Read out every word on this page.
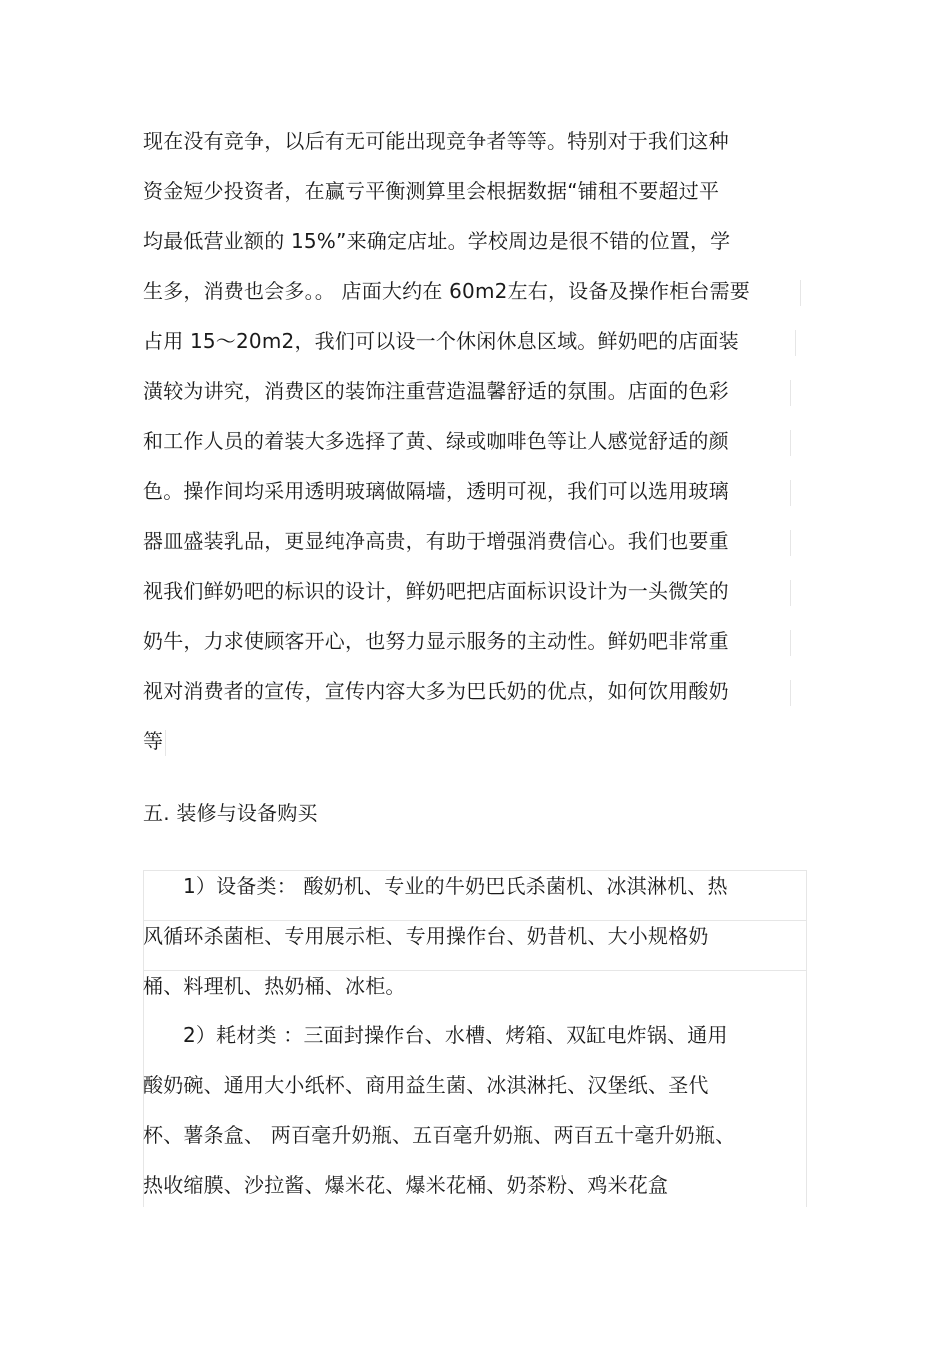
现在没有竞争，以后有无可能出现竞争者等等。特别对于我们这种
资金短少投资者，在赢亏平衡测算里会根据数据“铺租不要超过平
均最低营业额的 15%”来确定店址。学校周边是很不错的位置，学
生多，消费也会多。。 店面大约在 60m2左右，设备及操作柜台需要
占用 15～20m2，我们可以设一个休闲休息区域。鲜奶吧的店面装
潢较为讲究，消费区的装饰注重营造温馨舒适的氛围。店面的色彩
和工作人员的着装大多选择了黄、绿或咖啡色等让人感觉舒适的颜
色。操作间均采用透明玻璃做隔墙，透明可视，我们可以选用玻璃
器皿盛装乳品，更显纯净高贵，有助于增强消费信心。我们也要重
视我们鲜奶吧的标识的设计，鲜奶吧把店面标识设计为一头微笑的
奶牛，力求使顾客开心，也努力显示服务的主动性。鲜奶吧非常重
视对消费者的宣传，宣传内容大多为巴氏奶的优点，如何饮用酸奶
等
五. 装修与设备购买
1）设备类： 酸奶机、专业的牛奶巴氏杀菌机、冰淇淋机、热
风循环杀菌柜、专用展示柜、专用操作台、奶昔机、大小规格奶
桶、料理机、热奶桶、冰柜。
2）耗材类 ：三面封操作台、水槽、烤箱、双缸电炸锅、通用
酸奶碗、通用大小纸杯、商用益生菌、冰淇淋托、汉堡纸、圣代
杯、薯条盒、 两百毫升奶瓶、五百毫升奶瓶、两百五十毫升奶瓶、
热收缩膜、沙拉酱、爆米花、爆米花桶、奶茶粉、鸡米花盒
